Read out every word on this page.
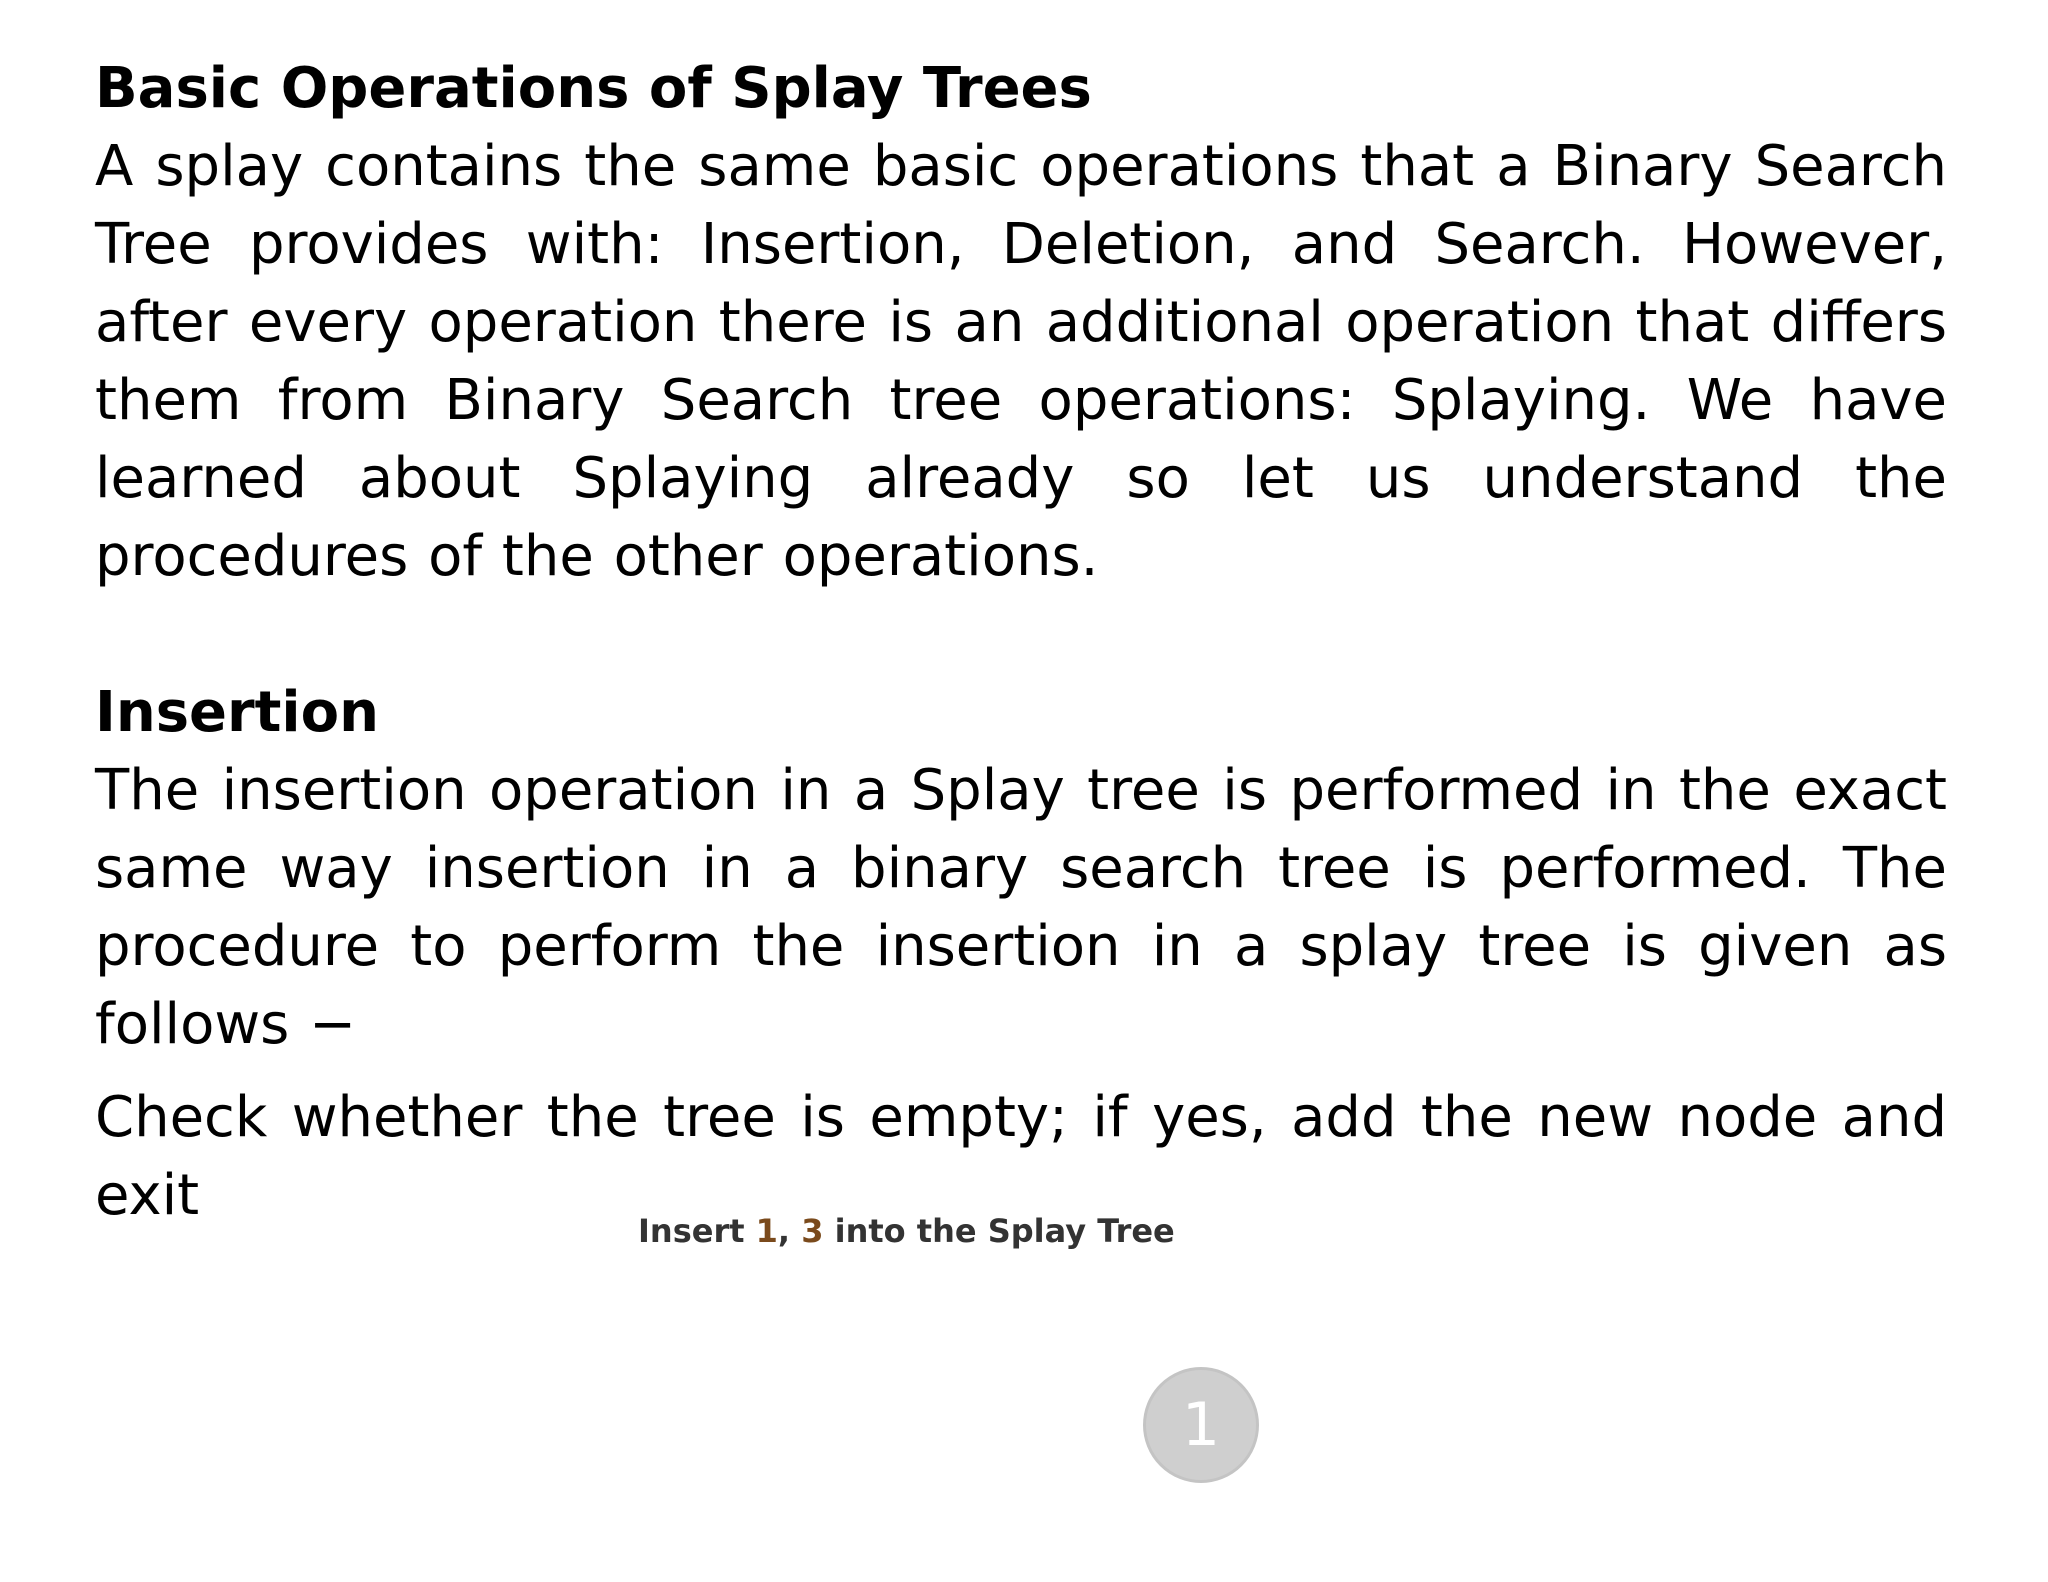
Basic Operations of Splay Trees

A splay contains the same basic operations that a Binary Search Tree provides with: Insertion, Deletion, and Search. However, after every operation there is an additional operation that differs them from Binary Search tree operations: Splaying. We have learned about Splaying already so let us understand the procedures of the other operations.

Insertion

The insertion operation in a Splay tree is performed in the exact same way insertion in a binary search tree is performed. The procedure to perform the insertion in a splay tree is given as follows −

Check whether the tree is empty; if yes, add the new node and exit

Insert 1, 3 into the Splay Tree
1
